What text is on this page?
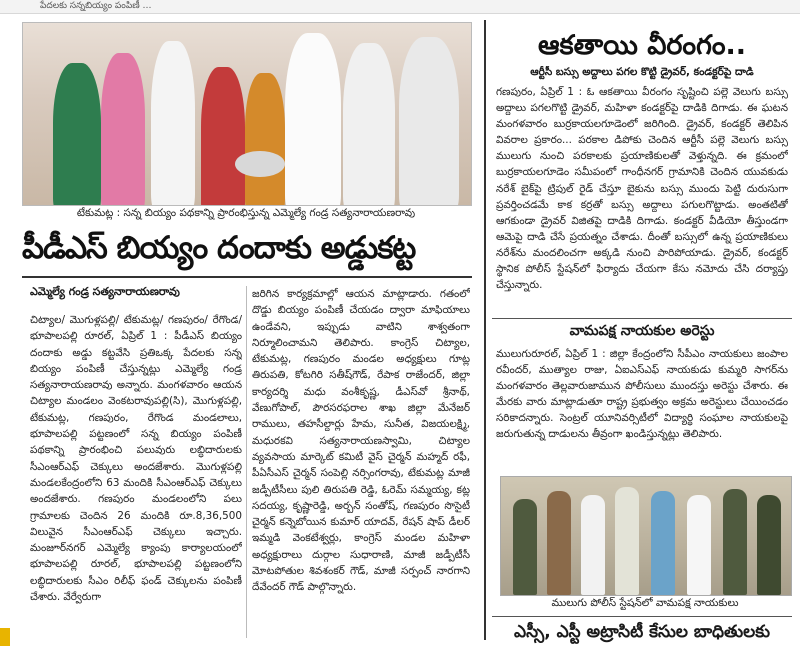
పేదలకు సన్నబియ్యం పంపిణీ …
టేకుమట్ల : సన్న బియ్యం పథకాన్ని ప్రారంభిస్తున్న ఎమ్మెల్యే గండ్ర సత్యనారాయణరావు
పీడీఎస్ బియ్యం దందాకు అడ్డుకట్ట
ఎమ్మెల్యే గండ్ర సత్యనారాయణరావు
చిట్యాల/ మొగుళ్లపల్లి/ టేకుమట్ల/ గణపురం/ రేగొండ/ భూపాలపల్లి రూరల్‌, ఏప్రిల్‌ 1 : పీడీఎస్‌ బియ్యం దందాకు అడ్డు కట్టవేసి ప్రతిఒక్క పేదలకు సన్న బియ్యం పంపిణీ చేస్తున్నట్లు ఎమ్మెల్యే గండ్ర సత్యనారాయణరావు అన్నారు. మంగళవారం ఆయన చిట్యాల మండలం వెంకటరావుపల్లి(సి), మొగుళ్లపల్లి, టేకుమట్ల, గణపురం, రేగొండ మండలాలు, భూపాలపల్లి పట్టణంలో సన్న బియ్యం పంపిణీ పథకాన్ని ప్రారంభించి పలువురు లబ్ధిదారులకు సీఎంఆర్‌ఎఫ్‌ చెక్కులు అందజేశారు. మొగుళ్లపల్లి మండలకేంద్రంలోని 63 మందికి సీఎంఆర్‌ఎఫ్‌ చెక్కులు అందజేశారు. గణపురం మండలంలోని పలు గ్రామాలకు చెందిన 26 మందికి రూ.8,36,500 విలువైన సీఎంఆర్‌ఎఫ్‌ చెక్కులు ఇచ్చారు. మంజూర్‌నగర్‌ ఎమ్మెల్యే క్యాంపు కార్యాలయంలో భూపాలపల్లి రూరల్‌, భూపాలపల్లి పట్టణంలోని లబ్ధిదారులకు సీఎం రిలీఫ్‌ ఫండ్‌ చెక్కులను పంపిణీ చేశారు. వేర్వేరుగా
జరిగిన కార్యక్రమాల్లో ఆయన మాట్లాడారు. గతంలో దొడ్డు బియ్యం పంపిణీ చేయడం ద్వారా మాఫియాలు ఉండేవని, ఇప్పుడు వాటిని శాశ్వతంగా నిర్మూలించామని తెలిపారు. కాంగ్రెస్‌ చిట్యాల, టేకుమట్ల, గణపురం మండల అధ్యక్షులు గూట్ల తిరుపతి, కోటగిరి సతీష్‌గౌడ్‌, రేపాక రాజేందర్‌, జిల్లా కార్యదర్శి మధు వంశీకృష్ణ, డీఎస్‌వో శ్రీనాథ్‌, వేణుగోపాల్‌, పౌరసరఫరాల శాఖ జిల్లా మేనేజర్‌ రాములు, తహసీల్దార్లు హేమ, సునీత, విజయలక్ష్మి, మధురకవి సత్యనారాయణస్వామి, చిట్యాల వ్యవసాయ మార్కెట్‌ కమిటీ వైస్‌ చైర్మన్‌ మహ్మద్‌ రఫీ, పీఏసీఎస్‌ చైర్మన్‌ సంపెల్లి నర్సింగరావు, టేకుమట్ల మాజీ జడ్పీటీసీలు పులి తిరుపతి రెడ్డి, ఓరెమ్‌ సమ్మయ్య, కట్ల సదయ్య, కృష్ణారెడ్డి, అర్బన్‌ సంతోష్‌, గణపురం సొసైటీ చైర్మన్‌ కన్నెబోయిన కుమార్‌ యాదవ్‌, రేషన్‌ షాప్‌ డీలర్‌ ఇమ్మడి వెంకటేశ్వర్లు, కాంగ్రెస్‌ మండల మహిళా అధ్యక్షురాలు దుర్గాల సుధారాణి, మాజీ జడ్పీటీసీ మోటపోతుల శివశంకర్‌ గౌడ్‌, మాజీ సర్పంచ్‌ నారగాని దేవేందర్‌ గౌడ్‌ పాల్గొన్నారు.
ఆకతాయి వీరంగం..
ఆర్టీసీ బస్సు అద్దాలు పగల కొట్టి డ్రైవర్‌, కండక్టర్‌పై దాడి
గణపురం, ఏప్రిల్‌ 1 : ఓ ఆకతాయి వీరంగం సృష్టించి పల్లె వెలుగు బస్సు అద్దాలు పగలగొట్టి డ్రైవర్‌, మహిళా కండక్టర్‌పై దాడికి దిగాడు. ఈ ఘటన మంగళవారం బుర్రకాయలగూడెంలో జరిగింది. డ్రైవర్‌, కండక్టర్‌ తెలిపిన వివరాల ప్రకారం... పరకాల డిపోకు చెందిన ఆర్టీసీ పల్లె వెలుగు బస్సు ములుగు నుంచి పరకాలకు ప్రయాణికులతో వెళ్తున్నది. ఈ క్రమంలో బుర్రకాయలగూడెం సమీపంలో గాంధీనగర్‌ గ్రామానికి చెందిన యువకుడు నరేశ్‌ బైక్‌పై ట్రిపుల్‌ రైడ్‌ చేస్తూ బైకును బస్సు ముందు పెట్టి దురుసుగా ప్రవర్తించడమే కాక కర్రతో బస్సు అద్దాలు పగులగొట్టాడు. అంతటితో ఆగకుండా డ్రైవర్‌ విజితపై దాడికి దిగాడు. కండక్టర్‌ వీడియో తీస్తుండగా ఆమెపై దాడి చేసే ప్రయత్నం చేశాడు. దీంతో బస్సులో ఉన్న ప్రయాణికులు నరేశ్‌ను మందలించగా అక్కడి నుంచి పారిపోయాడు. డ్రైవర్‌, కండక్టర్‌ స్థానిక పోలీస్‌ స్టేషన్‌లో ఫిర్యాదు చేయగా కేసు నమోదు చేసి దర్యాప్తు చేస్తున్నారు.
వామపక్ష నాయకుల అరెస్టు
ములుగురూరల్‌, ఏప్రిల్‌ 1 : జిల్లా కేంద్రంలోని సీపీఎం నాయకులు జంపాల రవీందర్‌, ముత్యాల రాజు, ఏఐఎస్‌ఎఫ్‌ నాయకుడు కుమ్మరి సాగర్‌ను మంగళవారం తెల్లవారుజామున పోలీసులు ముందస్తు అరెస్టు చేశారు. ఈ మేరకు వారు మాట్లాడుతూ రాష్ట్ర ప్రభుత్వం అక్రమ అరెస్టులు చేయించడం సరికాదన్నారు. సెంట్రల్‌ యూనివర్సిటీలో విద్యార్థి సంఘాల నాయకులపై జరుగుతున్న దాడులను తీవ్రంగా ఖండిస్తున్నట్లు తెలిపారు.
ములుగు పోలీస్‌ స్టేషన్‌లో వామపక్ష నాయకులు
ఎస్సీ, ఎస్టీ అట్రాసిటీ కేసుల బాధితులకు
